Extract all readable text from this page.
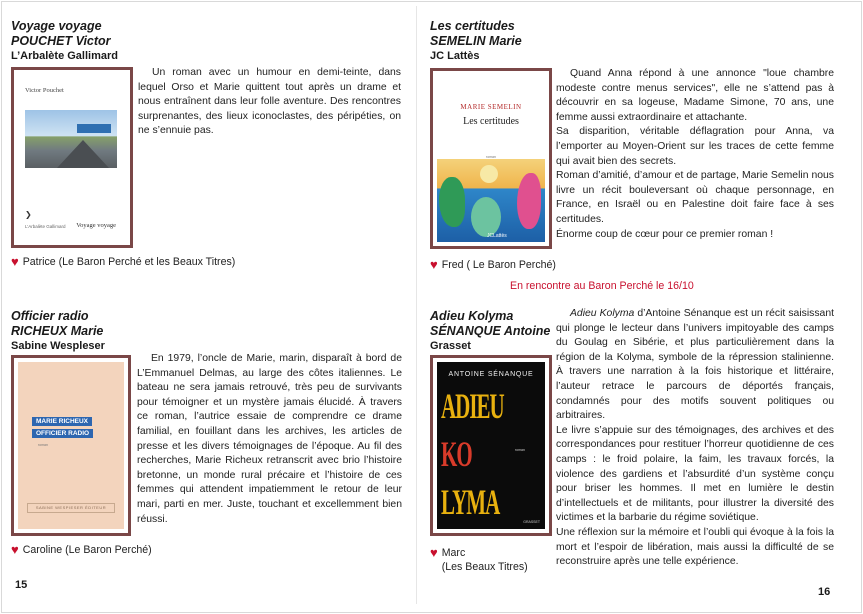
Voyage voyage
POUCHET Victor
L’Arbalète Gallimard
Victor Pouchet
❯
L’Arbalète Gallimard Voyage voyage

Un roman avec un humour en demi-teinte, dans lequel Orso et Marie quittent tout après un drame et nous entraînent dans leur folle aventure. Des rencontres surprenantes, des lieux iconoclastes, des péripéties, on ne s’ennuie pas.

♥ Patrice (Le Baron Perché et les Beaux Titres)
Les certitudes
SEMELIN Marie
JC Lattès
MARIE SEMELIN
Les certitudes
roman
JCLattès

Quand Anna répond à une annonce "loue chambre modeste contre menus services", elle ne s’attend pas à découvrir en sa logeuse, Madame Simone, 70 ans, une femme aussi extraordinaire et attachante.

Sa disparition, véritable déflagration pour Anna, va l’emporter au Moyen-Orient sur les traces de cette femme qui avait bien des secrets.

Roman d’amitié, d’amour et de partage, Marie Semelin nous livre un récit bouleversant où chaque personnage, en France, en Israël ou en Palestine doit faire face à ses certitudes.

Énorme coup de cœur pour ce premier roman !

♥ Fred ( Le Baron Perché)
En rencontre au Baron Perché le 16/10
Officier radio
RICHEUX Marie
Sabine Wespleser
MARIE RICHEUX
OFFICIER RADIO
roman
SABINE WESPIESER ÉDITEUR

En 1979, l’oncle de Marie, marin, disparaît à bord de L’Emmanuel Delmas, au large des côtes italiennes. Le bateau ne sera jamais retrouvé, très peu de survivants pour témoigner et un mystère jamais élucidé. À travers ce roman, l’autrice essaie de comprendre ce drame familial, en fouillant dans les archives, les articles de presse et les divers témoignages de l’époque. Au fil des recherches, Marie Richeux retranscrit avec brio l’histoire bretonne, un monde rural précaire et l’histoire de ces femmes qui attendent impatiemment le retour de leur mari, parti en mer. Juste, touchant et excellemment bien réussi.

♥ Caroline (Le Baron Perché)
Adieu Kolyma
SÉNANQUE Antoine
Grasset
ANTOINE SÉNANQUE
ADIEU
KO	roman
LYMA	GRASSET

Adieu Kolyma d’Antoine Sénanque est un récit saisissant qui plonge le lecteur dans l’univers impitoyable des camps du Goulag en Sibérie, et plus particulièrement dans la région de la Kolyma, symbole de la répression stalinienne. À travers une narration à la fois historique et littéraire, l’auteur retrace le parcours de déportés français, condamnés pour des motifs souvent politiques ou arbitraires.

Le livre s’appuie sur des témoignages, des archives et des correspondances pour restituer l’horreur quotidienne de ces camps : le froid polaire, la faim, les travaux forcés, la violence des gardiens et l’absurdité d’un système conçu pour briser les hommes. Il met en lumière le destin d’intellectuels et de militants, pour illustrer la diversité des victimes et la barbarie du régime soviétique.

Une réflexion sur la mémoire et l’oubli qui évoque à la fois la mort et l’espoir de libération, mais aussi la difficulté de se reconstruire après une telle expérience.

♥ Marc
(Les Beaux Titres)
15
16
